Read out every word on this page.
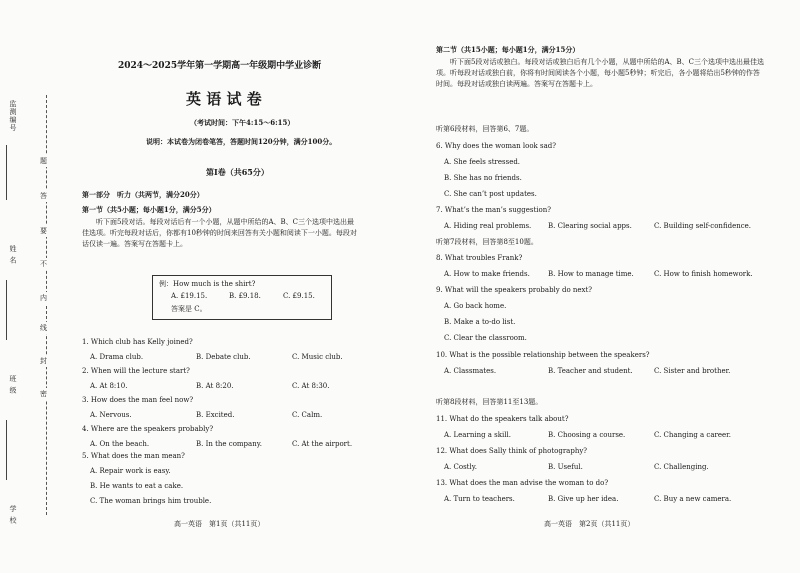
监测编号
姓 名
班 级
学 校
题
答
要
不
内
线
封
密
2024～2025学年第一学期高一年级期中学业诊断
英 语 试 卷
（考试时间：下午4:15～6:15）
说明：本试卷为闭卷笔答，答题时间120分钟，满分100分。
第Ⅰ卷（共65分）
第一部分　听力（共两节，满分20分）
第一节（共5小题；每小题1分，满分5分）
听下面5段对话。每段对话后有一个小题，从题中所给的A、B、C三个选项中选出最佳选项。听完每段对话后，你都有10秒钟的时间来回答有关小题和阅读下一小题。每段对话仅读一遍。答案写在答题卡上。
1. Which club has Kelly joined?
A. Drama club.	B. Debate club.	C. Music club.
2. When will the lecture start?
A. At 8:10.	B. At 8:20.	C. At 8:30.
3. How does the man feel now?
A. Nervous.	B. Excited.	C. Calm.
4. Where are the speakers probably?
A. On the beach.	B. In the company.	C. At the airport.
5. What does the man mean?
A. Repair work is easy.
B. He wants to eat a cake.
C. The woman brings him trouble.
高一英语　第1页（共11页）
例：How much is the shirt?
A. £19.15.	B. £9.18.	C. £9.15.
答案是 C。
第二节（共15小题；每小题1分，满分15分）
听下面5段对话或独白。每段对话或独白后有几个小题，从题中所给的A、B、C三个选项中选出最佳选项。听每段对话或独白前，你将有时间阅读各个小题，每小题5秒钟；听完后，各小题将给出5秒钟的作答时间。每段对话或独白读两遍。答案写在答题卡上。
听第6段材料，回答第6、7题。
6. Why does the woman look sad?
A. She feels stressed.
B. She has no friends.
C. She can’t post updates.
7. What’s the man’s suggestion?
A. Hiding real problems. B. Clearing social apps.	C. Building self-confidence.
听第7段材料，回答第8至10题。
8. What troubles Frank?
A. How to make friends.	B. How to manage time.	C. How to finish homework.
9. What will the speakers probably do next?
A. Go back home.
B. Make a to-do list.
C. Clear the classroom.
10. What is the possible relationship between the speakers?
A. Classmates.	B. Teacher and student.	C. Sister and brother.
听第8段材料，回答第11至13题。
11. What do the speakers talk about?
A. Learning a skill.	B. Choosing a course.	C. Changing a career.
12. What does Sally think of photography?
A. Costly.	B. Useful.	C. Challenging.
13. What does the man advise the woman to do?
A. Turn to teachers.	B. Give up her idea.	C. Buy a new camera.
高一英语　第2页（共11页）
